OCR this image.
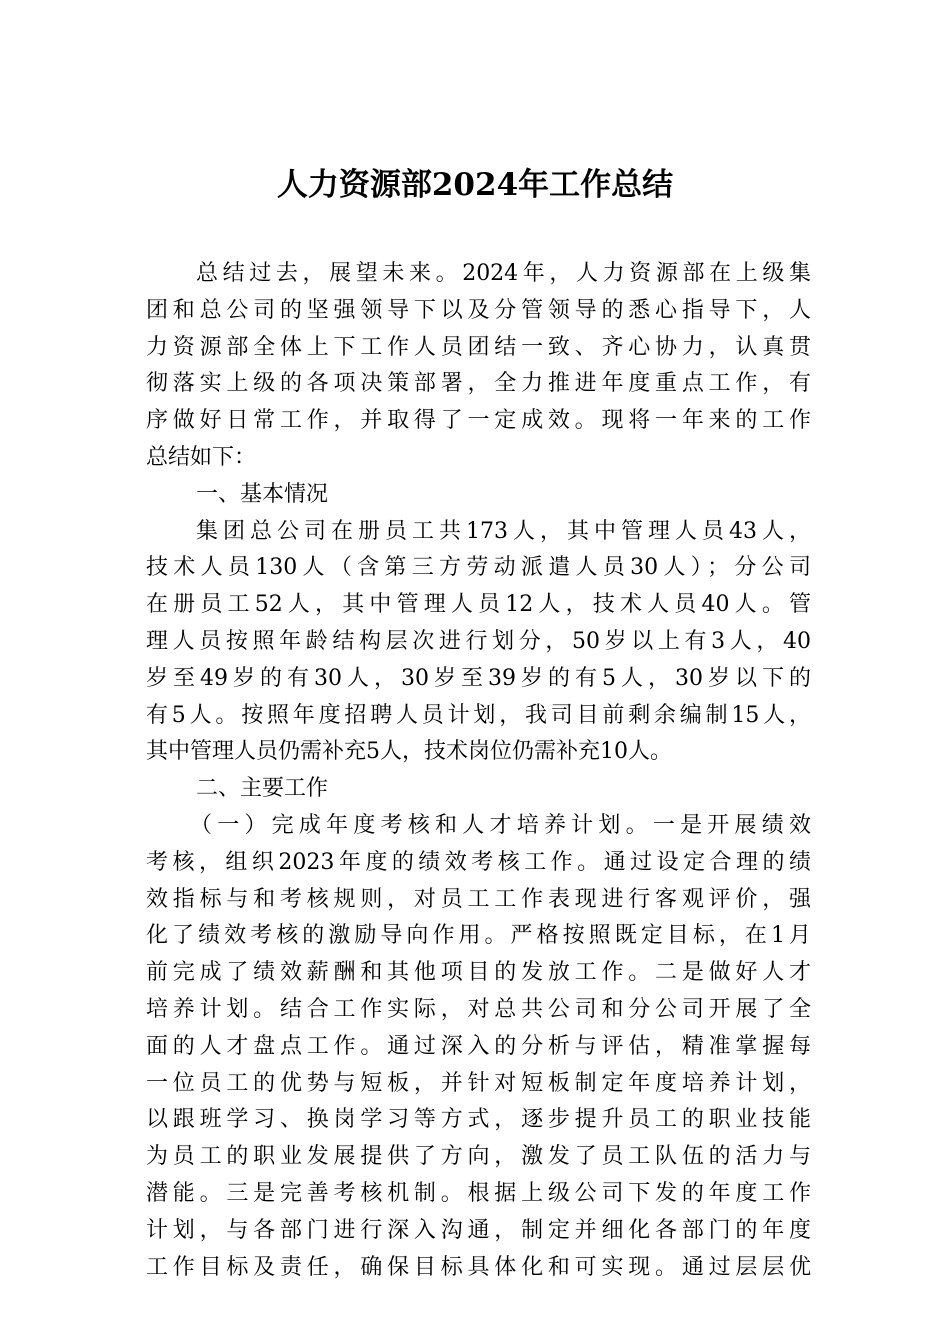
人力资源部2024年工作总结
总结过去，展望未来。2024年，人力资源部在上级集
团和总公司的坚强领导下以及分管领导的悉心指导下，人
力资源部全体上下工作人员团结一致、齐心协力，认真贯
彻落实上级的各项决策部署，全力推进年度重点工作，有
序做好日常工作，并取得了一定成效。现将一年来的工作
总结如下：
一、基本情况
集团总公司在册员工共173人，其中管理人员43人，
技术人员130人（含第三方劳动派遣人员30人）；分公司
在册员工52人，其中管理人员12人，技术人员40人。管
理人员按照年龄结构层次进行划分，50岁以上有3人，40
岁至49岁的有30人，30岁至39岁的有5人，30岁以下的
有5人。按照年度招聘人员计划，我司目前剩余编制15人，
其中管理人员仍需补充5人，技术岗位仍需补充10人。
二、主要工作
（一）完成年度考核和人才培养计划。一是开展绩效
考核，组织2023年度的绩效考核工作。通过设定合理的绩
效指标与和考核规则，对员工工作表现进行客观评价，强
化了绩效考核的激励导向作用。严格按照既定目标，在1月
前完成了绩效薪酬和其他项目的发放工作。二是做好人才
培养计划。结合工作实际，对总共公司和分公司开展了全
面的人才盘点工作。通过深入的分析与评估，精准掌握每
一位员工的优势与短板，并针对短板制定年度培养计划，
以跟班学习、换岗学习等方式，逐步提升员工的职业技能
为员工的职业发展提供了方向，激发了员工队伍的活力与
潜能。三是完善考核机制。根据上级公司下发的年度工作
计划，与各部门进行深入沟通，制定并细化各部门的年度
工作目标及责任，确保目标具体化和可实现。通过层层优
